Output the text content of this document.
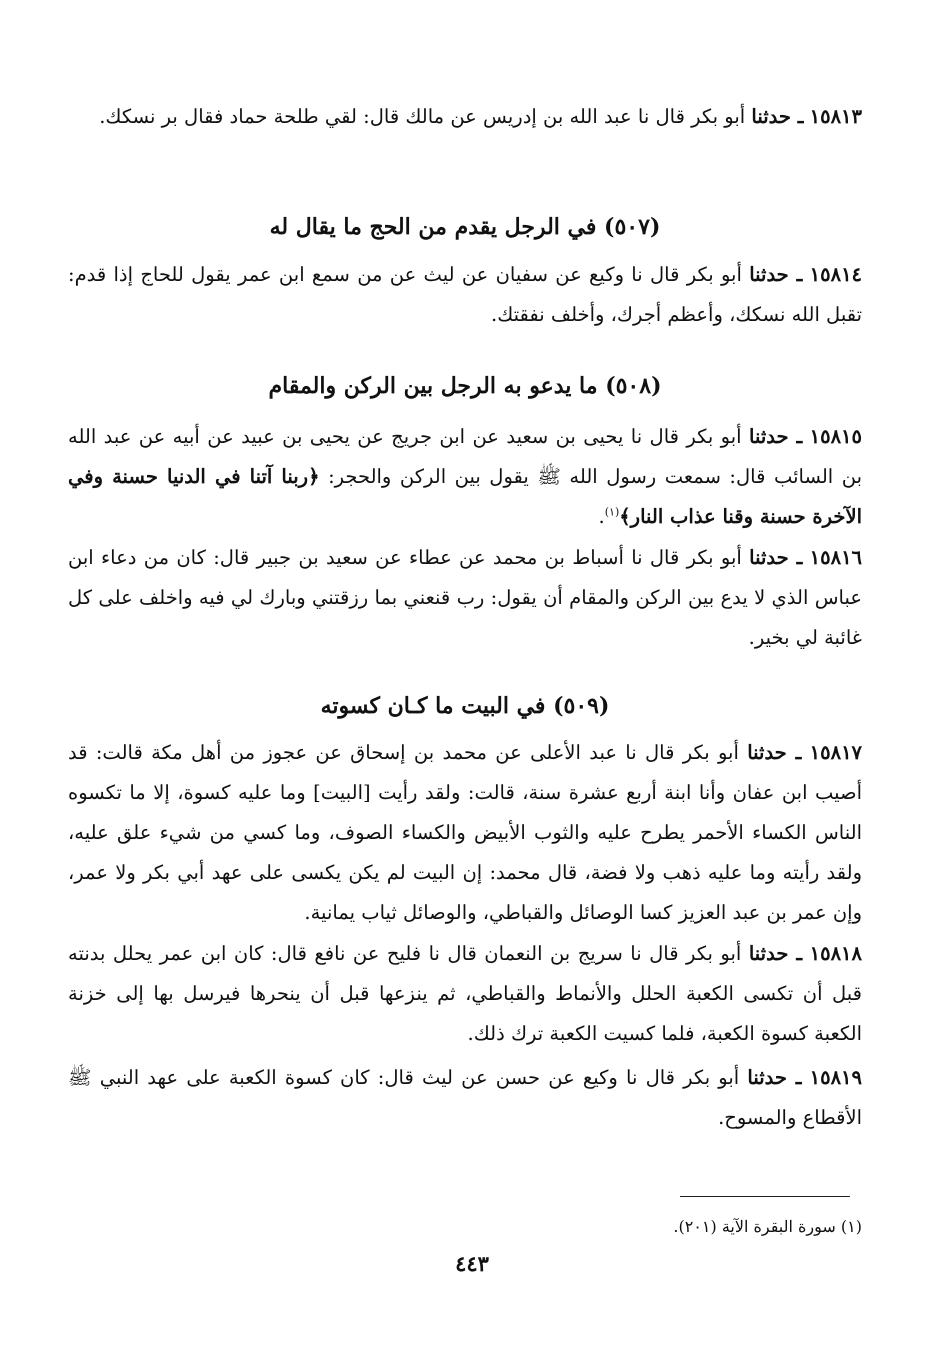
١٥٨١٣ ـ حدثنا أبو بكر قال نا عبد الله بن إدريس عن مالك قال: لقي طلحة حماد فقال بر نسكك.
(٥٠٧) في الرجل يقدم من الحج ما يقال له
١٥٨١٤ ـ حدثنا أبو بكر قال نا وكيع عن سفيان عن ليث عن من سمع ابن عمر يقول للحاج إذا قدم: تقبل الله نسكك، وأعظم أجرك، وأخلف نفقتك.
(٥٠٨) ما يدعو به الرجل بين الركن والمقام
١٥٨١٥ ـ حدثنا أبو بكر قال نا يحيى بن سعيد عن ابن جريج عن يحيى بن عبيد عن أبيه عن عبد الله بن السائب قال: سمعت رسول الله ﷺ يقول بين الركن والحجر: ﴿ربنا آتنا في الدنيا حسنة وفي الآخرة حسنة وقنا عذاب النار﴾$^{(١)}$.
١٥٨١٦ ـ حدثنا أبو بكر قال نا أسباط بن محمد عن عطاء عن سعيد بن جبير قال: كان من دعاء ابن عباس الذي لا يدع بين الركن والمقام أن يقول: رب قنعني بما رزقتني وبارك لي فيه واخلف على كل غائبة لي بخير.
(٥٠٩) في البيت ما كـان كسوته
١٥٨١٧ ـ حدثنا أبو بكر قال نا عبد الأعلى عن محمد بن إسحاق عن عجوز من أهل مكة قالت: قد أصيب ابن عفان وأنا ابنة أربع عشرة سنة، قالت: ولقد رأيت [البيت] وما عليه كسوة، إلا ما تكسوه الناس الكساء الأحمر يطرح عليه والثوب الأبيض والكساء الصوف، وما كسي من شيء علق عليه، ولقد رأيته وما عليه ذهب ولا فضة، قال محمد: إن البيت لم يكن يكسى على عهد أبي بكر ولا عمر، وإن عمر بن عبد العزيز كسا الوصائل والقباطي، والوصائل ثياب يمانية.
١٥٨١٨ ـ حدثنا أبو بكر قال نا سريج بن النعمان قال نا فليح عن نافع قال: كان ابن عمر يحلل بدنته قبل أن تكسى الكعبة الحلل والأنماط والقباطي، ثم ينزعها قبل أن ينحرها فيرسل بها إلى خزنة الكعبة كسوة الكعبة، فلما كسيت الكعبة ترك ذلك.
١٥٨١٩ ـ حدثنا أبو بكر قال نا وكيع عن حسن عن ليث قال: كان كسوة الكعبة على عهد النبي ﷺ الأقطاع والمسوح.
(١) سورة البقرة الآية (٢٠١).
٤٤٣
